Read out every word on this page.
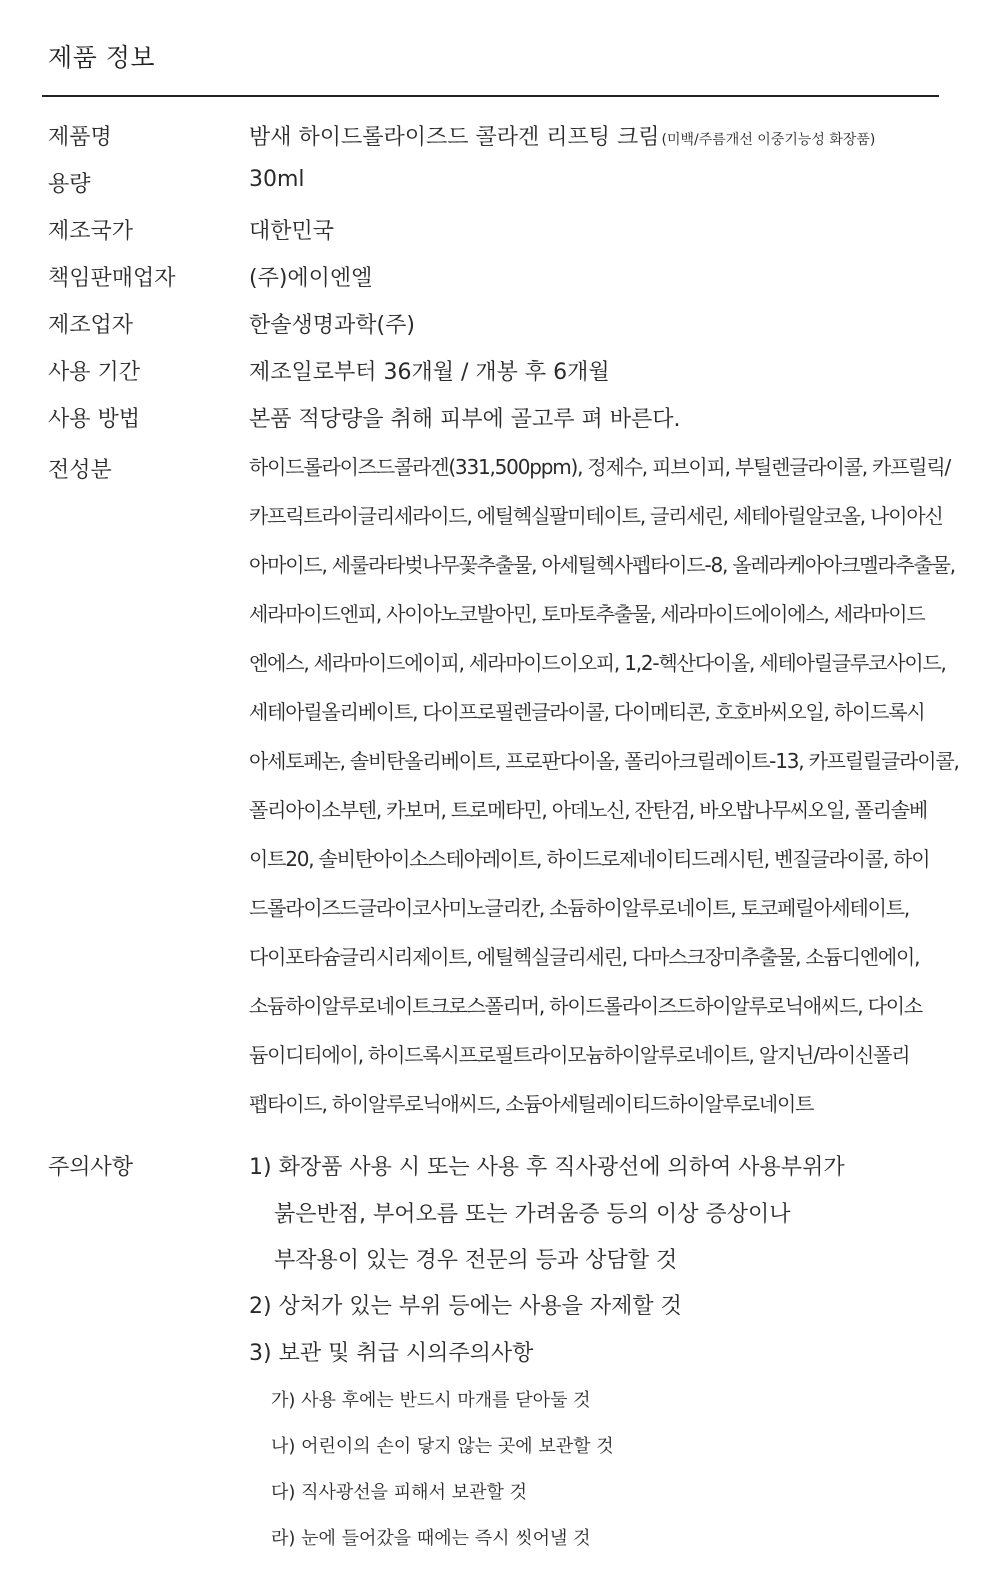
제품 정보
제품명	밤새 하이드롤라이즈드 콜라겐 리프팅 크림 (미백/주름개선 이중기능성 화장품)
용량	30ml
제조국가	대한민국
책임판매업자	(주)에이엔엘
제조업자	한솔생명과학(주)
사용 기간	제조일로부터 36개월 / 개봉 후 6개월
사용 방법	본품 적당량을 취해 피부에 골고루 펴 바른다.
전성분	하이드롤라이즈드콜라겐(331,500ppm), 정제수, 피브이피, 부틸렌글라이콜, 카프릴릭/
카프릭트라이글리세라이드, 에틸헥실팔미테이트, 글리세린, 세테아릴알코올, 나이아신
아마이드, 세룰라타벚나무꽃추출물, 아세틸헥사펩타이드-8, 올레라케아아크멜라추출물,
세라마이드엔피, 사이아노코발아민, 토마토추출물, 세라마이드에이에스, 세라마이드
엔에스, 세라마이드에이피, 세라마이드이오피, 1,2-헥산다이올, 세테아릴글루코사이드,
세테아릴올리베이트, 다이프로필렌글라이콜, 다이메티콘, 호호바씨오일, 하이드록시
아세토페논, 솔비탄올리베이트, 프로판다이올, 폴리아크릴레이트-13, 카프릴릴글라이콜,
폴리아이소부텐, 카보머, 트로메타민, 아데노신, 잔탄검, 바오밥나무씨오일, 폴리솔베
이트20, 솔비탄아이소스테아레이트, 하이드로제네이티드레시틴, 벤질글라이콜, 하이
드롤라이즈드글라이코사미노글리칸, 소듐하이알루로네이트, 토코페릴아세테이트,
다이포타슘글리시리제이트, 에틸헥실글리세린, 다마스크장미추출물, 소듐디엔에이,
소듐하이알루로네이트크로스폴리머, 하이드롤라이즈드하이알루로닉애씨드, 다이소
듐이디티에이, 하이드록시프로필트라이모늄하이알루로네이트, 알지닌/라이신폴리
펩타이드, 하이알루로닉애씨드, 소듐아세틸레이티드하이알루로네이트
주의사항	1) 화장품 사용 시 또는 사용 후 직사광선에 의하여 사용부위가
붉은반점, 부어오름 또는 가려움증 등의 이상 증상이나
부작용이 있는 경우 전문의 등과 상담할 것
2) 상처가 있는 부위 등에는 사용을 자제할 것
3) 보관 및 취급 시의주의사항
가) 사용 후에는 반드시 마개를 닫아둘 것
나) 어린이의 손이 닿지 않는 곳에 보관할 것
다) 직사광선을 피해서 보관할 것
라) 눈에 들어갔을 때에는 즉시 씻어낼 것
